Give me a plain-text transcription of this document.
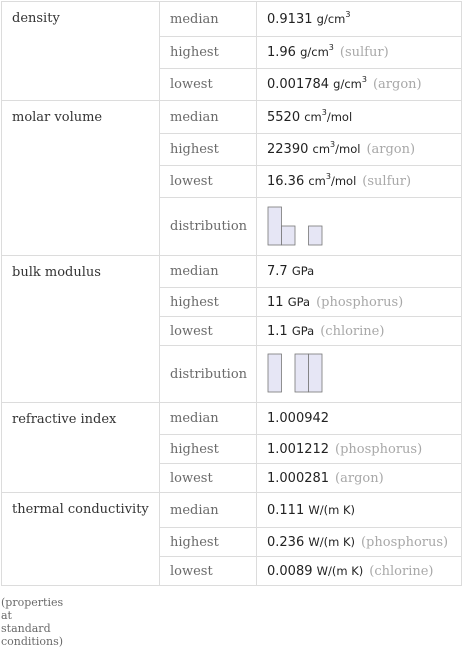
density	median	0.9131 $g/cm^3$
	highest	1.96 $g/cm^3$ (sulfur)
	lowest	0.001784 $g/cm^3$ (argon)
molar volume	median	5520 $cm^3$/mol
	highest	22390 $cm^3$/mol (argon)
	lowest	16.36 $cm^3$/mol (sulfur)
	distribution	

bulk modulus	median	7.7 GPa
	highest	11 GPa (phosphorus)
	lowest	1.1 GPa (chlorine)
	distribution	

refractive index	median	1.000942
	highest	1.001212 (phosphorus)
	lowest	1.000281 (argon)
thermal conductivity	median	0.111 W/(m K)
	highest	0.236 W/(m K) (phosphorus)
	lowest	0.0089 W/(m K) (chlorine)
(properties at standard conditions)
